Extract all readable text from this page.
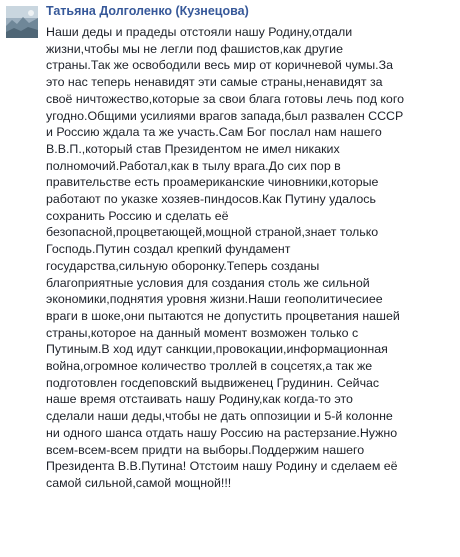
Татьяна Долголенко (Кузнецова)
Наши деды и прадеды отстояли нашу Родину,отдали
жизни,чтобы мы не легли под фашистов,как другие
страны.Так же освободили весь мир от коричневой чумы.За
это нас теперь ненавидят эти самые страны,ненавидят за
своё ничтожество,которые за свои блага готовы лечь под кого
угодно.Общими усилиями врагов запада,был развален СССР
и Россию ждала та же участь.Сам Бог послал нам нашего
В.В.П.,который став Президентом не имел никаких
полномочий.Работал,как в тылу врага.До сих пор в
правительстве есть проамериканские чиновники,которые
работают по указке хозяев-пиндосов.Как Путину удалось
сохранить Россию и сделать её
безопасной,процветающей,мощной страной,знает только
Господь.Путин создал крепкий фундамент
государства,сильную оборонку.Теперь созданы
благоприятные условия для создания столь же сильной
экономики,поднятия уровня жизни.Наши геополитичесиее
враги в шоке,они пытаются не допустить процветания нашей
страны,которое на данный момент возможен только с
Путиным.В ход идут санкции,провокации,информационная
война,огромное количество троллей в соцсетях,а так же
подготовлен госдеповский выдвиженец Грудинин. Сейчас
наше время отстаивать нашу Родину,как когда-то это
сделали наши деды,чтобы не дать оппозиции и 5-й колонне
ни одного шанса отдать нашу Россию на растерзание.Нужно
всем-всем-всем придти на выборы.Поддержим нашего
Президента В.В.Путина! Отстоим нашу Родину и сделаем её
самой сильной,самой мощной!!!
